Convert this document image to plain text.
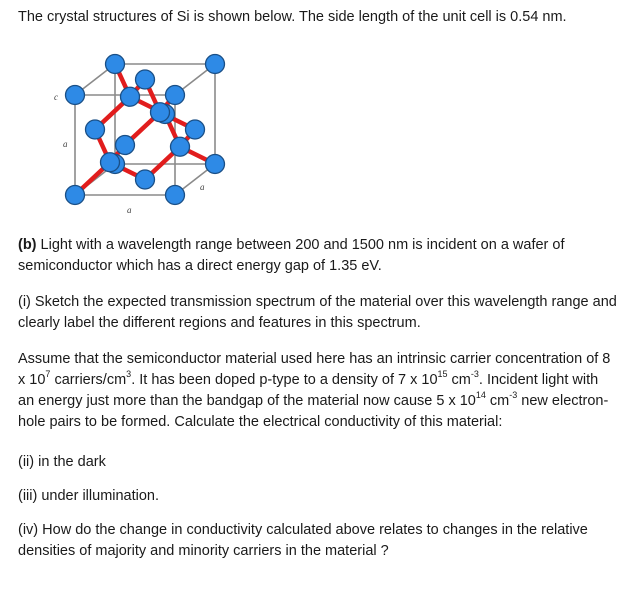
The crystal structures of Si is shown below. The side length of the unit cell is 0.54 nm.

c
a
a
a

(b) Light with a wavelength range between 200 and 1500 nm is incident on a wafer of semiconductor which has a direct energy gap of 1.35 eV.

(i) Sketch the expected transmission spectrum of the material over this wavelength range and clearly label the different regions and features in this spectrum.

Assume that the semiconductor material used here has an intrinsic carrier concentration of 8 x $10^7$ carriers/$cm^3$. It has been doped p-type to a density of 7 x $10^{15}$ $cm^{-3}$. Incident light with an energy just more than the bandgap of the material now cause 5 x $10^{14}$ $cm^{-3}$ new electron-hole pairs to be formed. Calculate the electrical conductivity of this material:

(ii) in the dark

(iii) under illumination.

(iv) How do the change in conductivity calculated above relates to changes in the relative densities of majority and minority carriers in the material ?
